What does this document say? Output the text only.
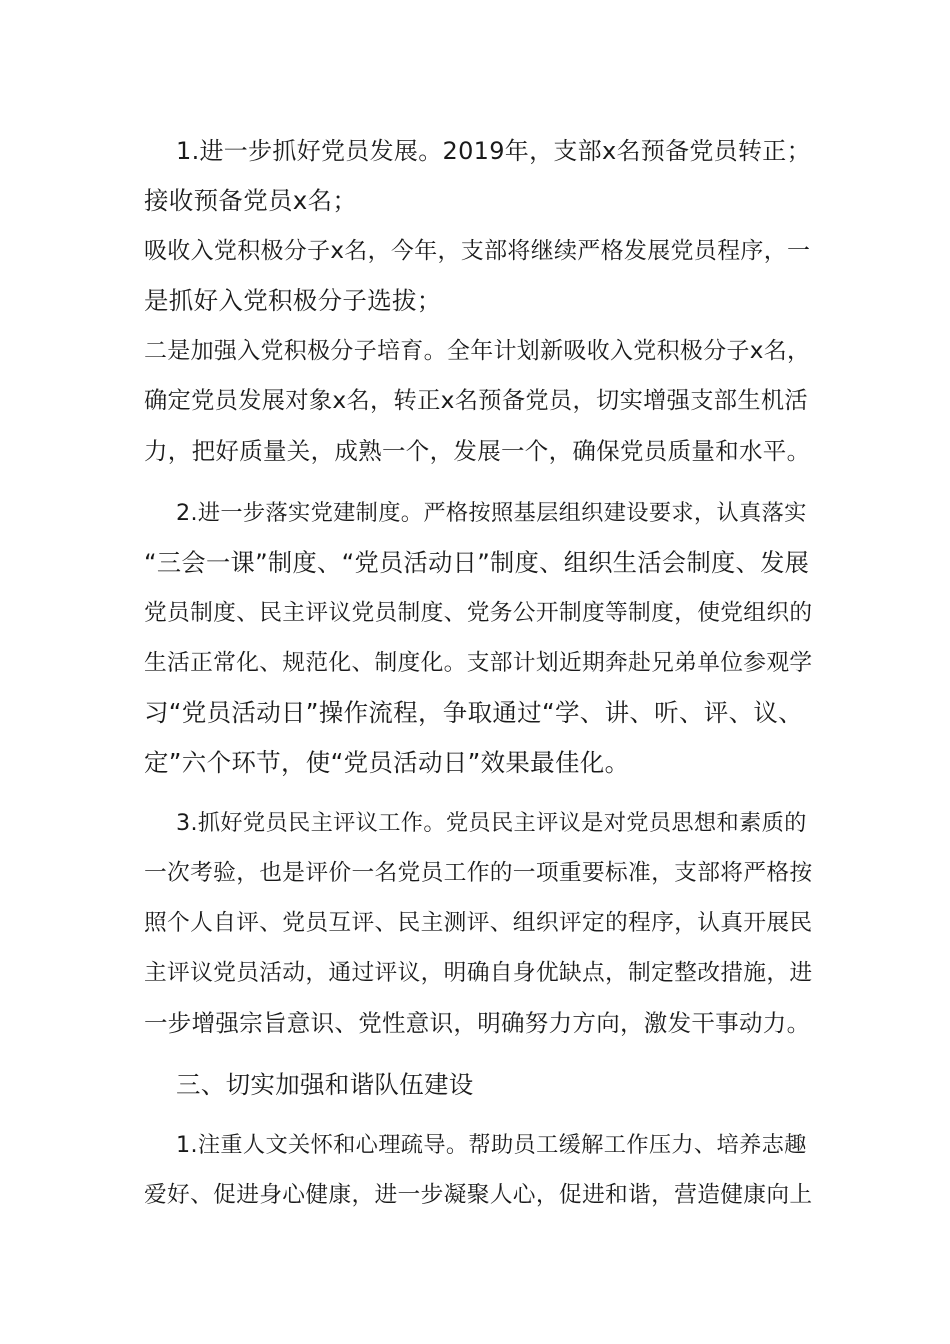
1.进一步抓好党员发展。2019年，支部x名预备党员转正；
接收预备党员x名；
吸收入党积极分子x名，今年，支部将继续严格发展党员程序，一
是抓好入党积极分子选拔；
二是加强入党积极分子培育。全年计划新吸收入党积极分子x名，
确定党员发展对象x名，转正x名预备党员，切实增强支部生机活
力，把好质量关，成熟一个，发展一个，确保党员质量和水平。
2.进一步落实党建制度。严格按照基层组织建设要求，认真落实
“三会一课”制度、“党员活动日”制度、组织生活会制度、发展
党员制度、民主评议党员制度、党务公开制度等制度，使党组织的
生活正常化、规范化、制度化。支部计划近期奔赴兄弟单位参观学
习“党员活动日”操作流程，争取通过“学、讲、听、评、议、
定”六个环节，使“党员活动日”效果最佳化。
3.抓好党员民主评议工作。党员民主评议是对党员思想和素质的
一次考验，也是评价一名党员工作的一项重要标准，支部将严格按
照个人自评、党员互评、民主测评、组织评定的程序，认真开展民
主评议党员活动，通过评议，明确自身优缺点，制定整改措施，进
一步增强宗旨意识、党性意识，明确努力方向，激发干事动力。
三、切实加强和谐队伍建设
1.注重人文关怀和心理疏导。帮助员工缓解工作压力、培养志趣
爱好、促进身心健康，进一步凝聚人心，促进和谐，营造健康向上
